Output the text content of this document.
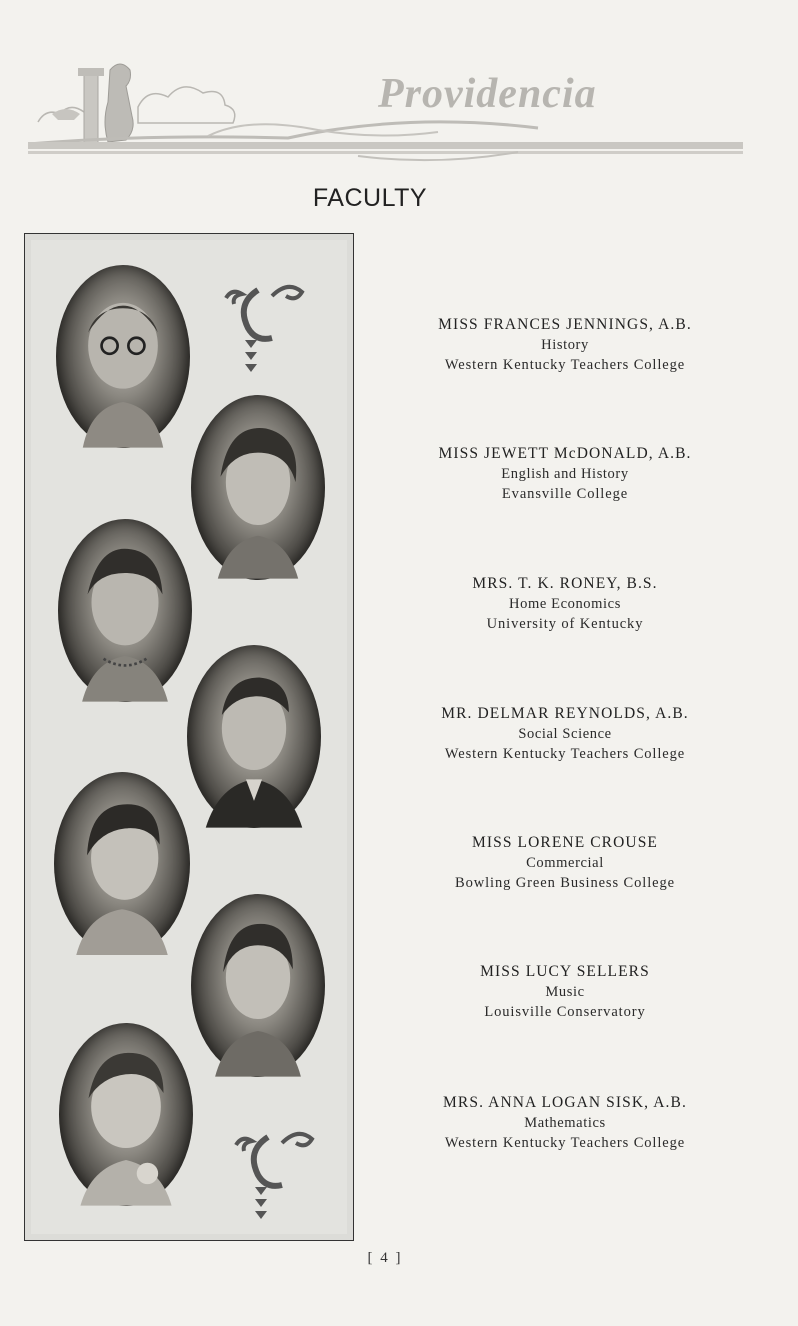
Providencia
FACULTY
MISS FRANCES JENNINGS, A.B.
History
Western Kentucky Teachers College
MISS JEWETT McDONALD, A.B.
English and History
Evansville College
MRS. T. K. RONEY, B.S.
Home Economics
University of Kentucky
MR. DELMAR REYNOLDS, A.B.
Social Science
Western Kentucky Teachers College
MISS LORENE CROUSE
Commercial
Bowling Green Business College
MISS LUCY SELLERS
Music
Louisville Conservatory
MRS. ANNA LOGAN SISK, A.B.
Mathematics
Western Kentucky Teachers College
[ 4 ]
